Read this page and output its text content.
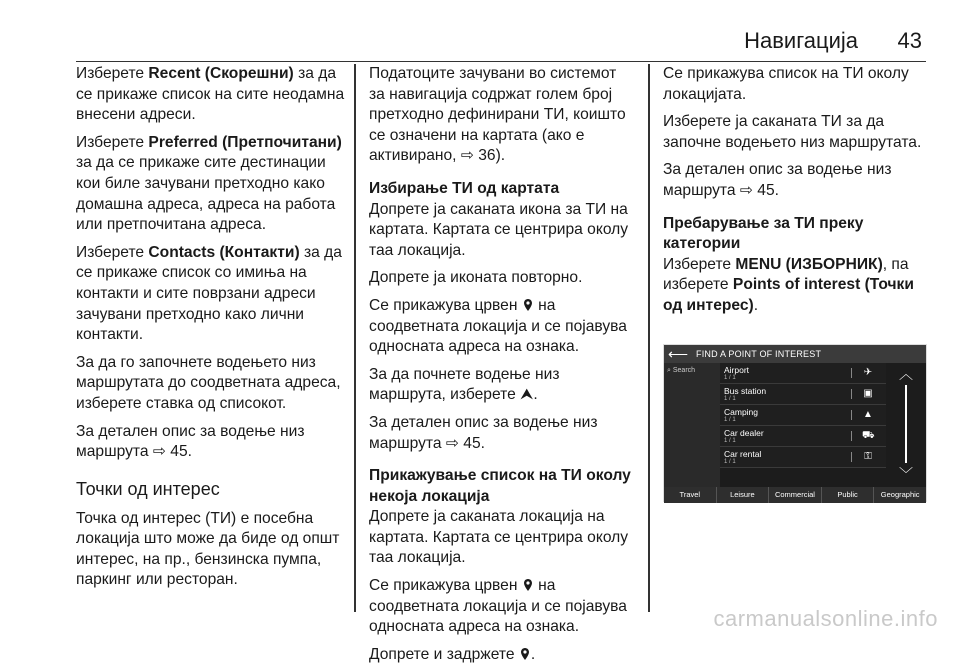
Навигација 43

Изберете Recent (Скорешни) за да се прикаже список на сите неодамна внесени адреси.

Изберете Preferred (Претпочитани) за да се прикаже сите дестинации кои биле зачувани претходно како домашна адреса, адреса на работа или претпочитана адреса.

Изберете Contacts (Контакти) за да се прикаже список со имиња на контакти и сите поврзани адреси зачувани претходно како лични контакти.

За да го започнете водењето низ маршрутата до соодветната адреса, изберете ставка од списокот.

За детален опис за водење низ маршрута ⇨ 45.

Точки од интерес

Точка од интерес (ТИ) е посебна локација што може да биде од општ интерес, на пр., бензинска пумпа, паркинг или ресторан.

Податоците зачувани во системот за навигација содржат голем број претходно дефинирани ТИ, коишто се означени на картата (ако е активирано, ⇨ 36).

Избирање ТИ од картата

Допрете ја саканата икона за ТИ на картата. Картата се центрира околу таа локација.

Допрете ја иконата повторно.

Се прикажува црвен
на соодветната локација и се појавува односната адреса на ознака.

За да почнете водење низ маршрута, изберете ⮝.

За детален опис за водење низ маршрута ⇨ 45.

Прикажување список на ТИ околу некоја локација

Допрете ја саканата локација на картата. Картата се центрира околу таа локација.

Се прикажува црвен
на соодветната локација и се појавува односната адреса на ознака.

Допрете и задржете
.

Се прикажува список на ТИ околу локацијата.

Изберете ја саканата ТИ за да започне водењето низ маршрутата.

За детален опис за водење низ маршрута ⇨ 45.

Пребарување за ТИ преку категории

Изберете MENU (ИЗБОРНИК), па изберете Points of interest (Точки од интерес).

⟵ FIND A POINT OF INTEREST
⌕ Search	Airport
1 / 1	✈
Bus station
1 / 1	▣
Camping
1 / 1	▲
Car dealer
1 / 1	⛟
Car rental
1 / 1	⚿
︿
﹀
Travel	Leisure	Commercial	Public	Geographic
carmanualsonline.info
